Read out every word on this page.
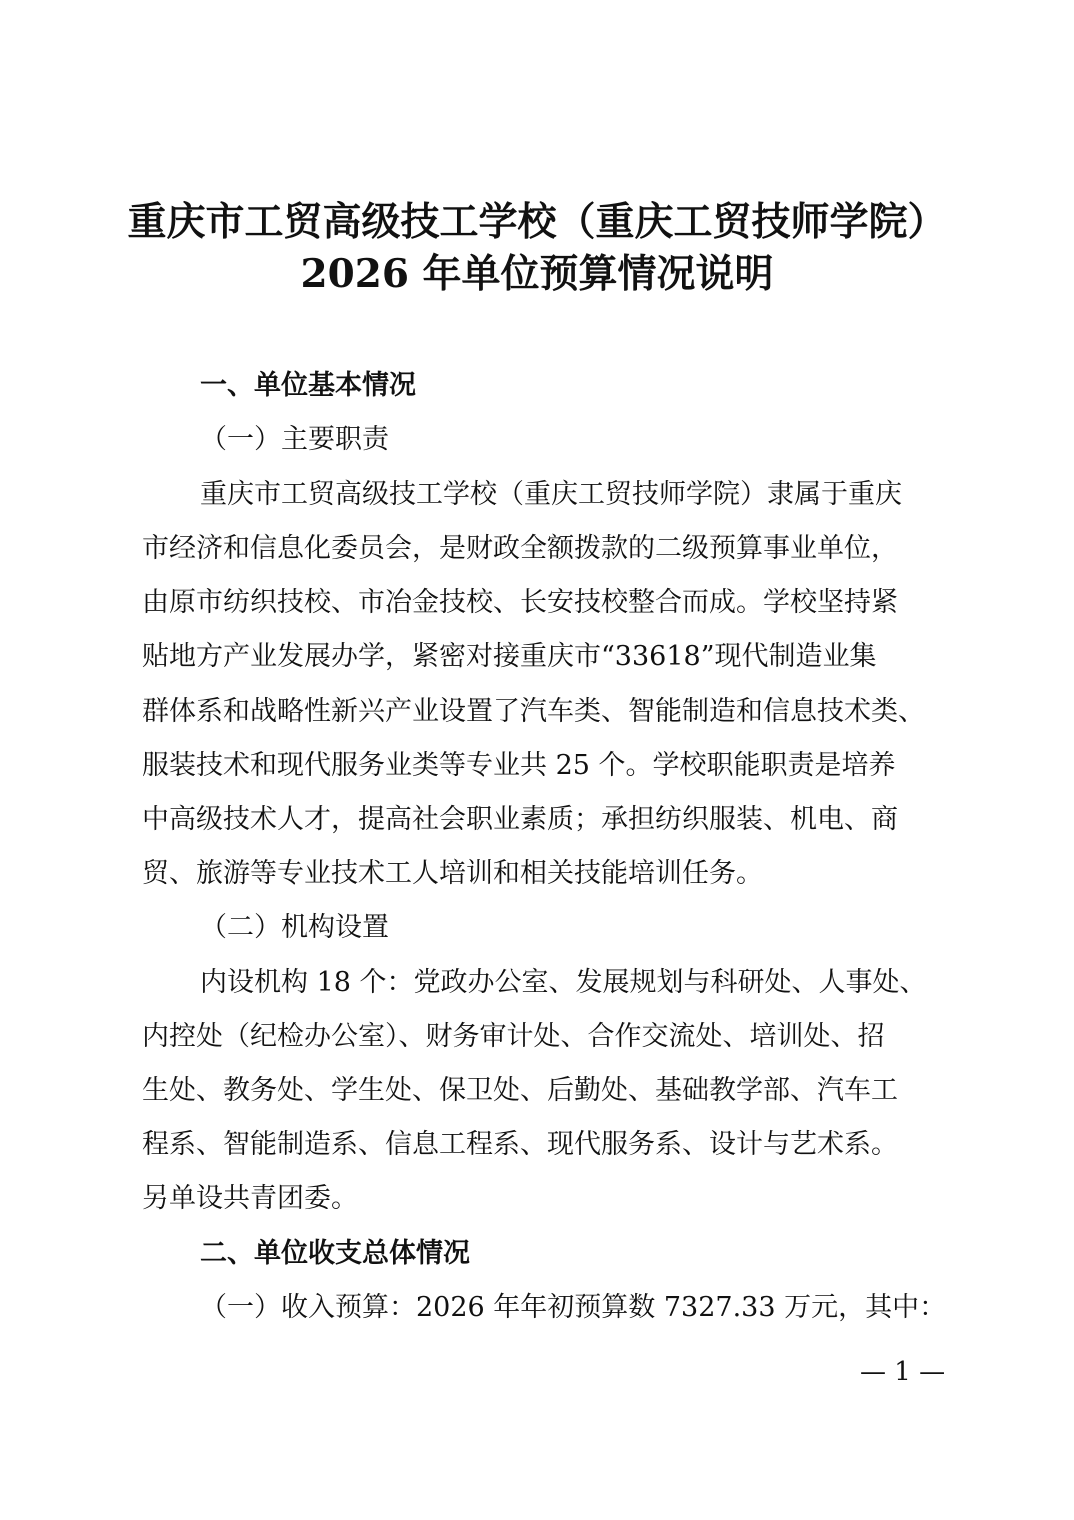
重庆市工贸高级技工学校（重庆工贸技师学院）
2026 年单位预算情况说明
一、单位基本情况
（一）主要职责
重庆市工贸高级技工学校（重庆工贸技师学院）隶属于重庆
市经济和信息化委员会，是财政全额拨款的二级预算事业单位，
由原市纺织技校、市冶金技校、长安技校整合而成。学校坚持紧
贴地方产业发展办学，紧密对接重庆市“33618”现代制造业集
群体系和战略性新兴产业设置了汽车类、智能制造和信息技术类、
服装技术和现代服务业类等专业共 25 个。学校职能职责是培养
中高级技术人才，提高社会职业素质；承担纺织服装、机电、商
贸、旅游等专业技术工人培训和相关技能培训任务。
（二）机构设置
内设机构 18 个：党政办公室、发展规划与科研处、人事处、
内控处（纪检办公室）、财务审计处、合作交流处、培训处、招
生处、教务处、学生处、保卫处、后勤处、基础教学部、汽车工
程系、智能制造系、信息工程系、现代服务系、设计与艺术系。
另单设共青团委。
二、单位收支总体情况
（一）收入预算：2026 年年初预算数 7327.33 万元，其中：
— 1 —
